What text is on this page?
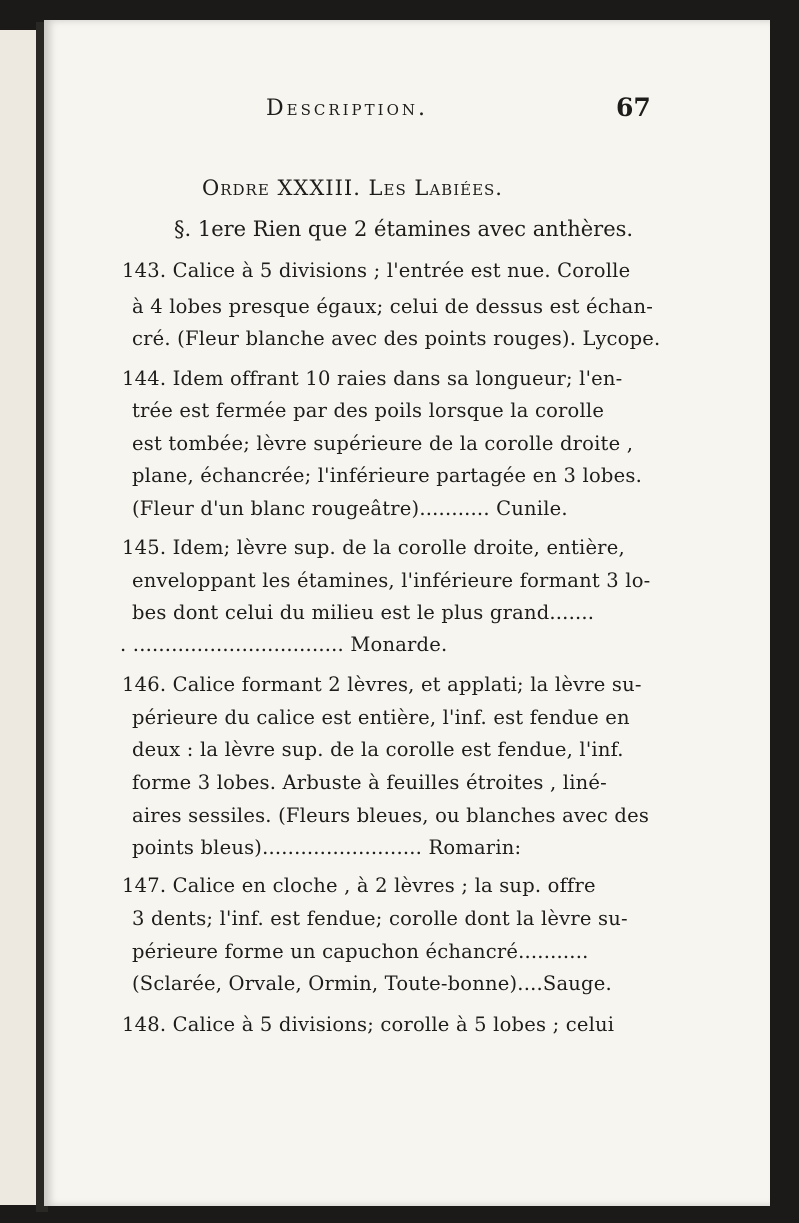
Description.	67
Ordre XXXIII. Les Labiées.
§. 1ere Rien que 2 étamines avec anthères.
143. Calice à 5 divisions ; l'entrée est nue. Corolle
à 4 lobes presque égaux; celui de dessus est échan-
cré. (Fleur blanche avec des points rouges). Lycope.
144. Idem offrant 10 raies dans sa longueur; l'en-
trée est fermée par des poils lorsque la corolle
est tombée; lèvre supérieure de la corolle droite ,
plane, échancrée; l'inférieure partagée en 3 lobes.
(Fleur d'un blanc rougeâtre)........... Cunile.
145. Idem; lèvre sup. de la corolle droite, entière,
enveloppant les étamines, l'inférieure formant 3 lo-
bes dont celui du milieu est le plus grand.......
. ................................. Monarde.
146. Calice formant 2 lèvres, et applati; la lèvre su-
périeure du calice est entière, l'inf. est fendue en
deux : la lèvre sup. de la corolle est fendue, l'inf.
forme 3 lobes. Arbuste à feuilles étroites , liné-
aires sessiles. (Fleurs bleues, ou blanches avec des
points bleus)......................... Romarin:
147. Calice en cloche , à 2 lèvres ; la sup. offre
3 dents; l'inf. est fendue; corolle dont la lèvre su-
périeure forme un capuchon échancré...........
(Sclarée, Orvale, Ormin, Toute-bonne)....Sauge.
148. Calice à 5 divisions; corolle à 5 lobes ; celui
